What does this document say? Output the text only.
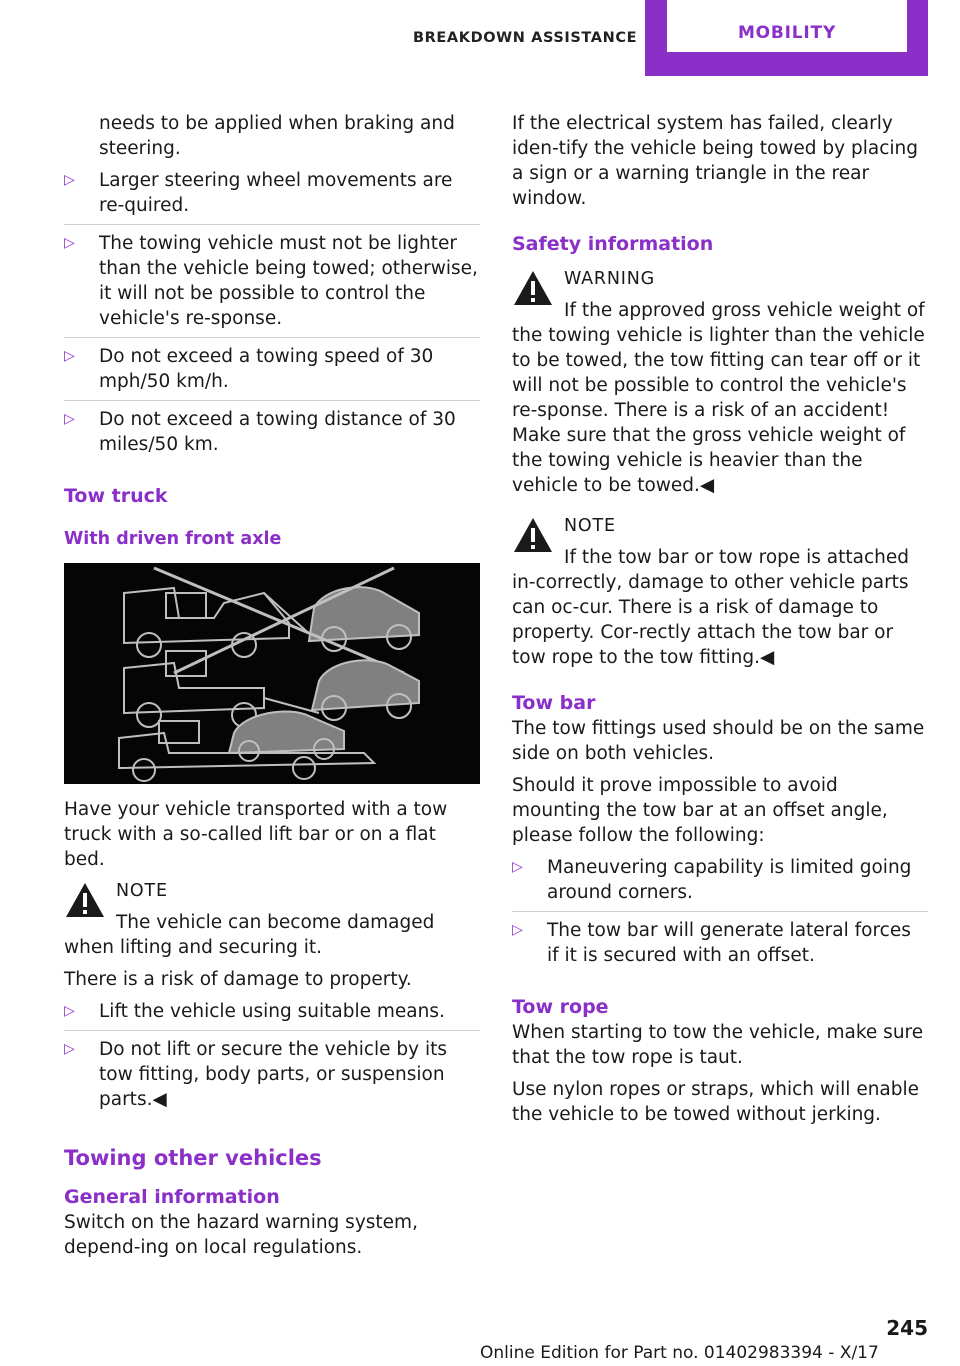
BREAKDOWN ASSISTANCE	MOBILITY

needs to be applied when braking and steering.

▷ Larger steering wheel movements are re‐quired.
▷ The towing vehicle must not be lighter than the vehicle being towed; otherwise, it will not be possible to control the vehicle's re‐sponse.
▷ Do not exceed a towing speed of 30 mph/50 km/h.
▷ Do not exceed a towing distance of 30 miles/50 km.
Tow truck
With driven front axle

Have your vehicle transported with a tow truck with a so-called lift bar or on a flat bed.

NOTE
The vehicle can become damaged when lifting and securing it.

There is a risk of damage to property.

▷ Lift the vehicle using suitable means.
▷ Do not lift or secure the vehicle by its tow fitting, body parts, or suspension parts.◀
Towing other vehicles
General information

Switch on the hazard warning system, depend‐ing on local regulations.

If the electrical system has failed, clearly iden‐tify the vehicle being towed by placing a sign or a warning triangle in the rear window.

Safety information
WARNING
If the approved gross vehicle weight of the towing vehicle is lighter than the vehicle to be towed, the tow fitting can tear off or it will not be possible to control the vehicle's re‐sponse. There is a risk of an accident! Make sure that the gross vehicle weight of the towing vehicle is heavier than the vehicle to be towed.◀
NOTE
If the tow bar or tow rope is attached in‐correctly, damage to other vehicle parts can oc‐cur. There is a risk of damage to property. Cor‐rectly attach the tow bar or tow rope to the tow fitting.◀
Tow bar

The tow fittings used should be on the same side on both vehicles.

Should it prove impossible to avoid mounting the tow bar at an offset angle, please follow the following:

▷ Maneuvering capability is limited going around corners.
▷ The tow bar will generate lateral forces if it is secured with an offset.
Tow rope

When starting to tow the vehicle, make sure that the tow rope is taut.

Use nylon ropes or straps, which will enable the vehicle to be towed without jerking.

245
Online Edition for Part no. 01402983394 - X/17
